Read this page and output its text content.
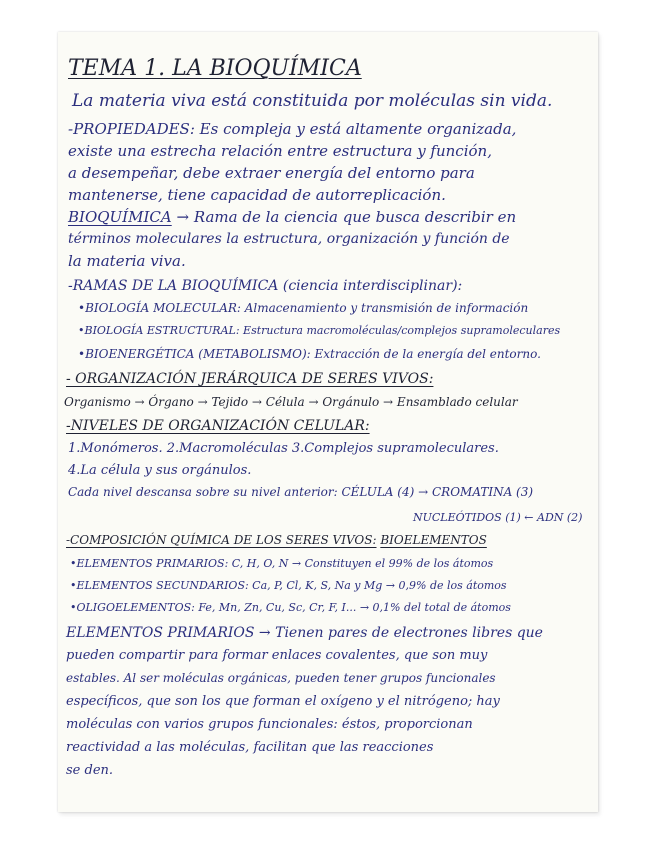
TEMA 1. LA BIOQUÍMICA
La materia viva está constituida por moléculas sin vida.
-PROPIEDADES: Es compleja y está altamente organizada,
existe una estrecha relación entre estructura y función,
a desempeñar, debe extraer energía del entorno para
mantenerse, tiene capacidad de autorreplicación.
BIOQUÍMICA → Rama de la ciencia que busca describir en
términos moleculares la estructura, organización y función de
la materia viva.
-RAMAS DE LA BIOQUÍMICA (ciencia interdisciplinar):
•BIOLOGÍA MOLECULAR: Almacenamiento y transmisión de información
•BIOLOGÍA ESTRUCTURAL: Estructura macromoléculas/complejos supramoleculares
•BIOENERGÉTICA (METABOLISMO): Extracción de la energía del entorno.
- ORGANIZACIÓN JERÁRQUICA DE SERES VIVOS:
Organismo → Órgano → Tejido → Célula → Orgánulo → Ensamblado celular
-NIVELES DE ORGANIZACIÓN CELULAR:
1.Monómeros. 2.Macromoléculas 3.Complejos supramoleculares.
4.La célula y sus orgánulos.
Cada nivel descansa sobre su nivel anterior: CÉLULA (4) → CROMATINA (3)
NUCLEÓTIDOS (1) ← ADN (2)
-COMPOSICIÓN QUÍMICA DE LOS SERES VIVOS: BIOELEMENTOS
•ELEMENTOS PRIMARIOS: C, H, O, N → Constituyen el 99% de los átomos
•ELEMENTOS SECUNDARIOS: Ca, P, Cl, K, S, Na y Mg → 0,9% de los átomos
•OLIGOELEMENTOS: Fe, Mn, Zn, Cu, Sc, Cr, F, I... → 0,1% del total de átomos
ELEMENTOS PRIMARIOS → Tienen pares de electrones libres que
pueden compartir para formar enlaces covalentes, que son muy
estables. Al ser moléculas orgánicas, pueden tener grupos funcionales
específicos, que son los que forman el oxígeno y el nitrógeno; hay
moléculas con varios grupos funcionales: éstos, proporcionan
reactividad a las moléculas, facilitan que las reacciones
se den.
